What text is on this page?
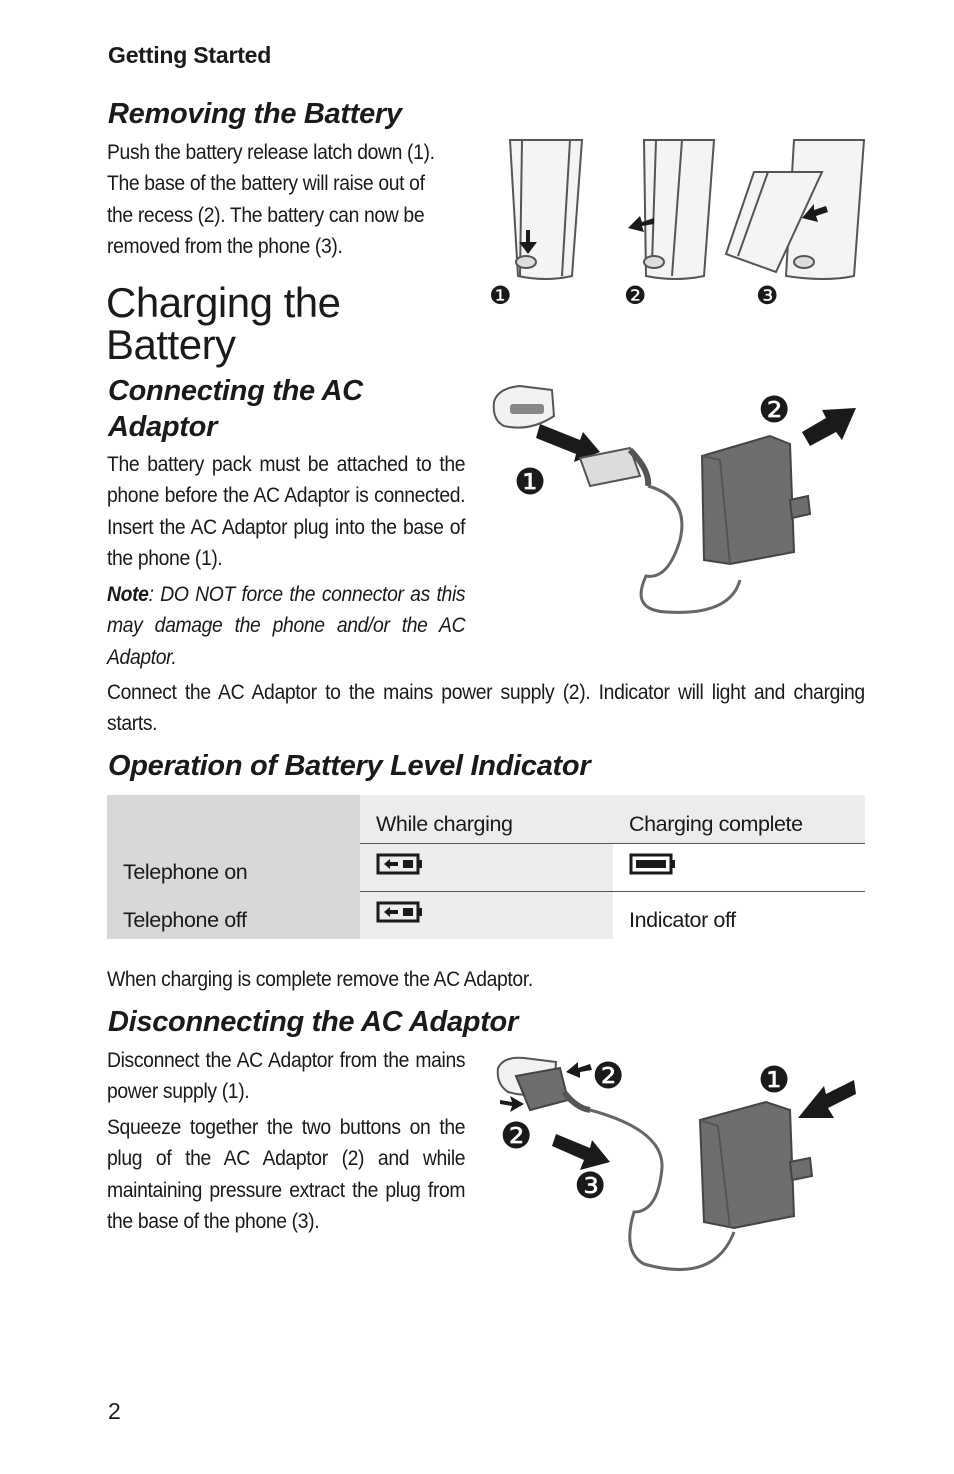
Getting Started
Removing the Battery
Push the battery release latch down (1).
The base of the battery will raise out of
the recess (2). The battery can now be
removed from the phone (3).
❶	❷	❸
Charging the
Battery
Connecting the AC
Adaptor
The battery pack must be attached to the phone before the AC Adaptor is connected. Insert the AC Adaptor plug into the base of the phone (1).
Note: DO NOT force the connector as this may damage the phone and/or the AC Adaptor.
Connect the AC Adaptor to the mains power supply (2). Indicator will light and charging starts.
❶
❷
Operation of Battery Level Indicator
	While charging	Charging complete
Telephone on		
Telephone off		Indicator off
When charging is complete remove the AC Adaptor.
Disconnecting the AC Adaptor
Disconnect the AC Adaptor from the mains power supply (1).
Squeeze together the two buttons on the plug of the AC Adaptor (2) and while maintaining pressure extract the plug from the base of the phone (3).
❶
❷
❷
❸
2
